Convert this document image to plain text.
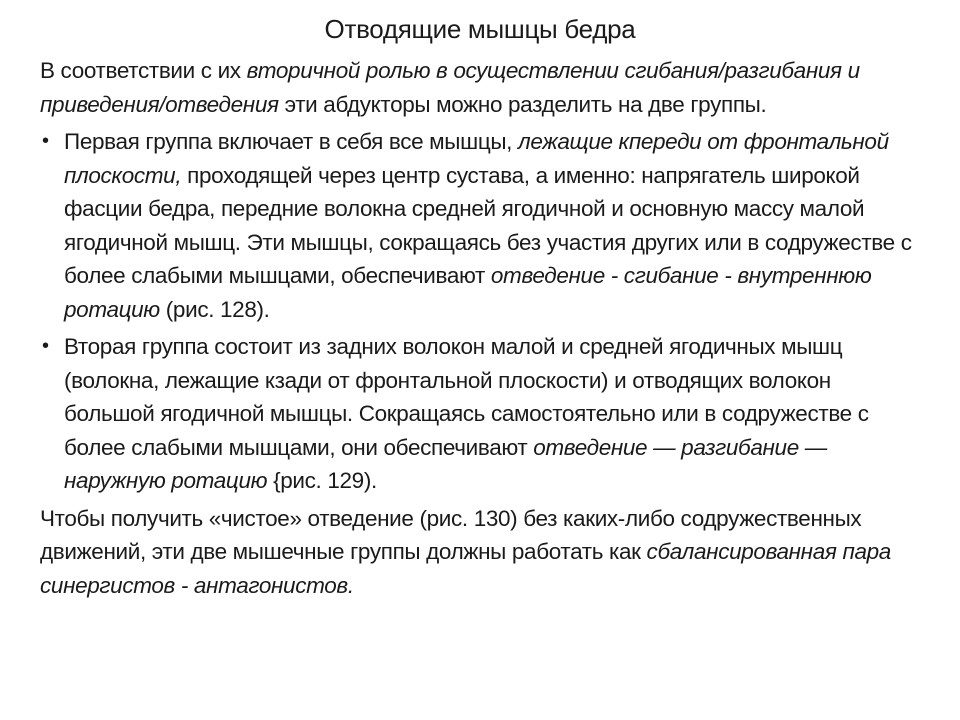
Отводящие мышцы бедра

В соответствии с их вторичной ролью в осуществлении сгибания/разгибания и приведения/отведения эти абдукторы можно разделить на две группы.

• Первая группа включает в себя все мышцы, лежащие кпереди от фронтальной плоскости, проходящей через центр сустава, а именно: напрягатель широкой фасции бедра, передние волокна средней ягодичной и основную массу малой ягодичной мышц. Эти мышцы, сокращаясь без участия других или в содружестве с более слабыми мышцами, обеспечивают отведение - сгибание - внутреннюю ротацию (рис. 128).
• Вторая группа состоит из задних волокон малой и средней ягодичных мышц (волокна, лежащие кзади от фронтальной плоскости) и отводящих волокон большой ягодичной мышцы. Сокращаясь самостоятельно или в содружестве с более слабыми мышцами, они обеспечивают отведение — разгибание — наружную ротацию {рис. 129).

Чтобы получить «чистое» отведение (рис. 130) без каких-либо содружественных движений, эти две мышечные группы должны работать как сбалансированная пара синергистов - антагонистов.
